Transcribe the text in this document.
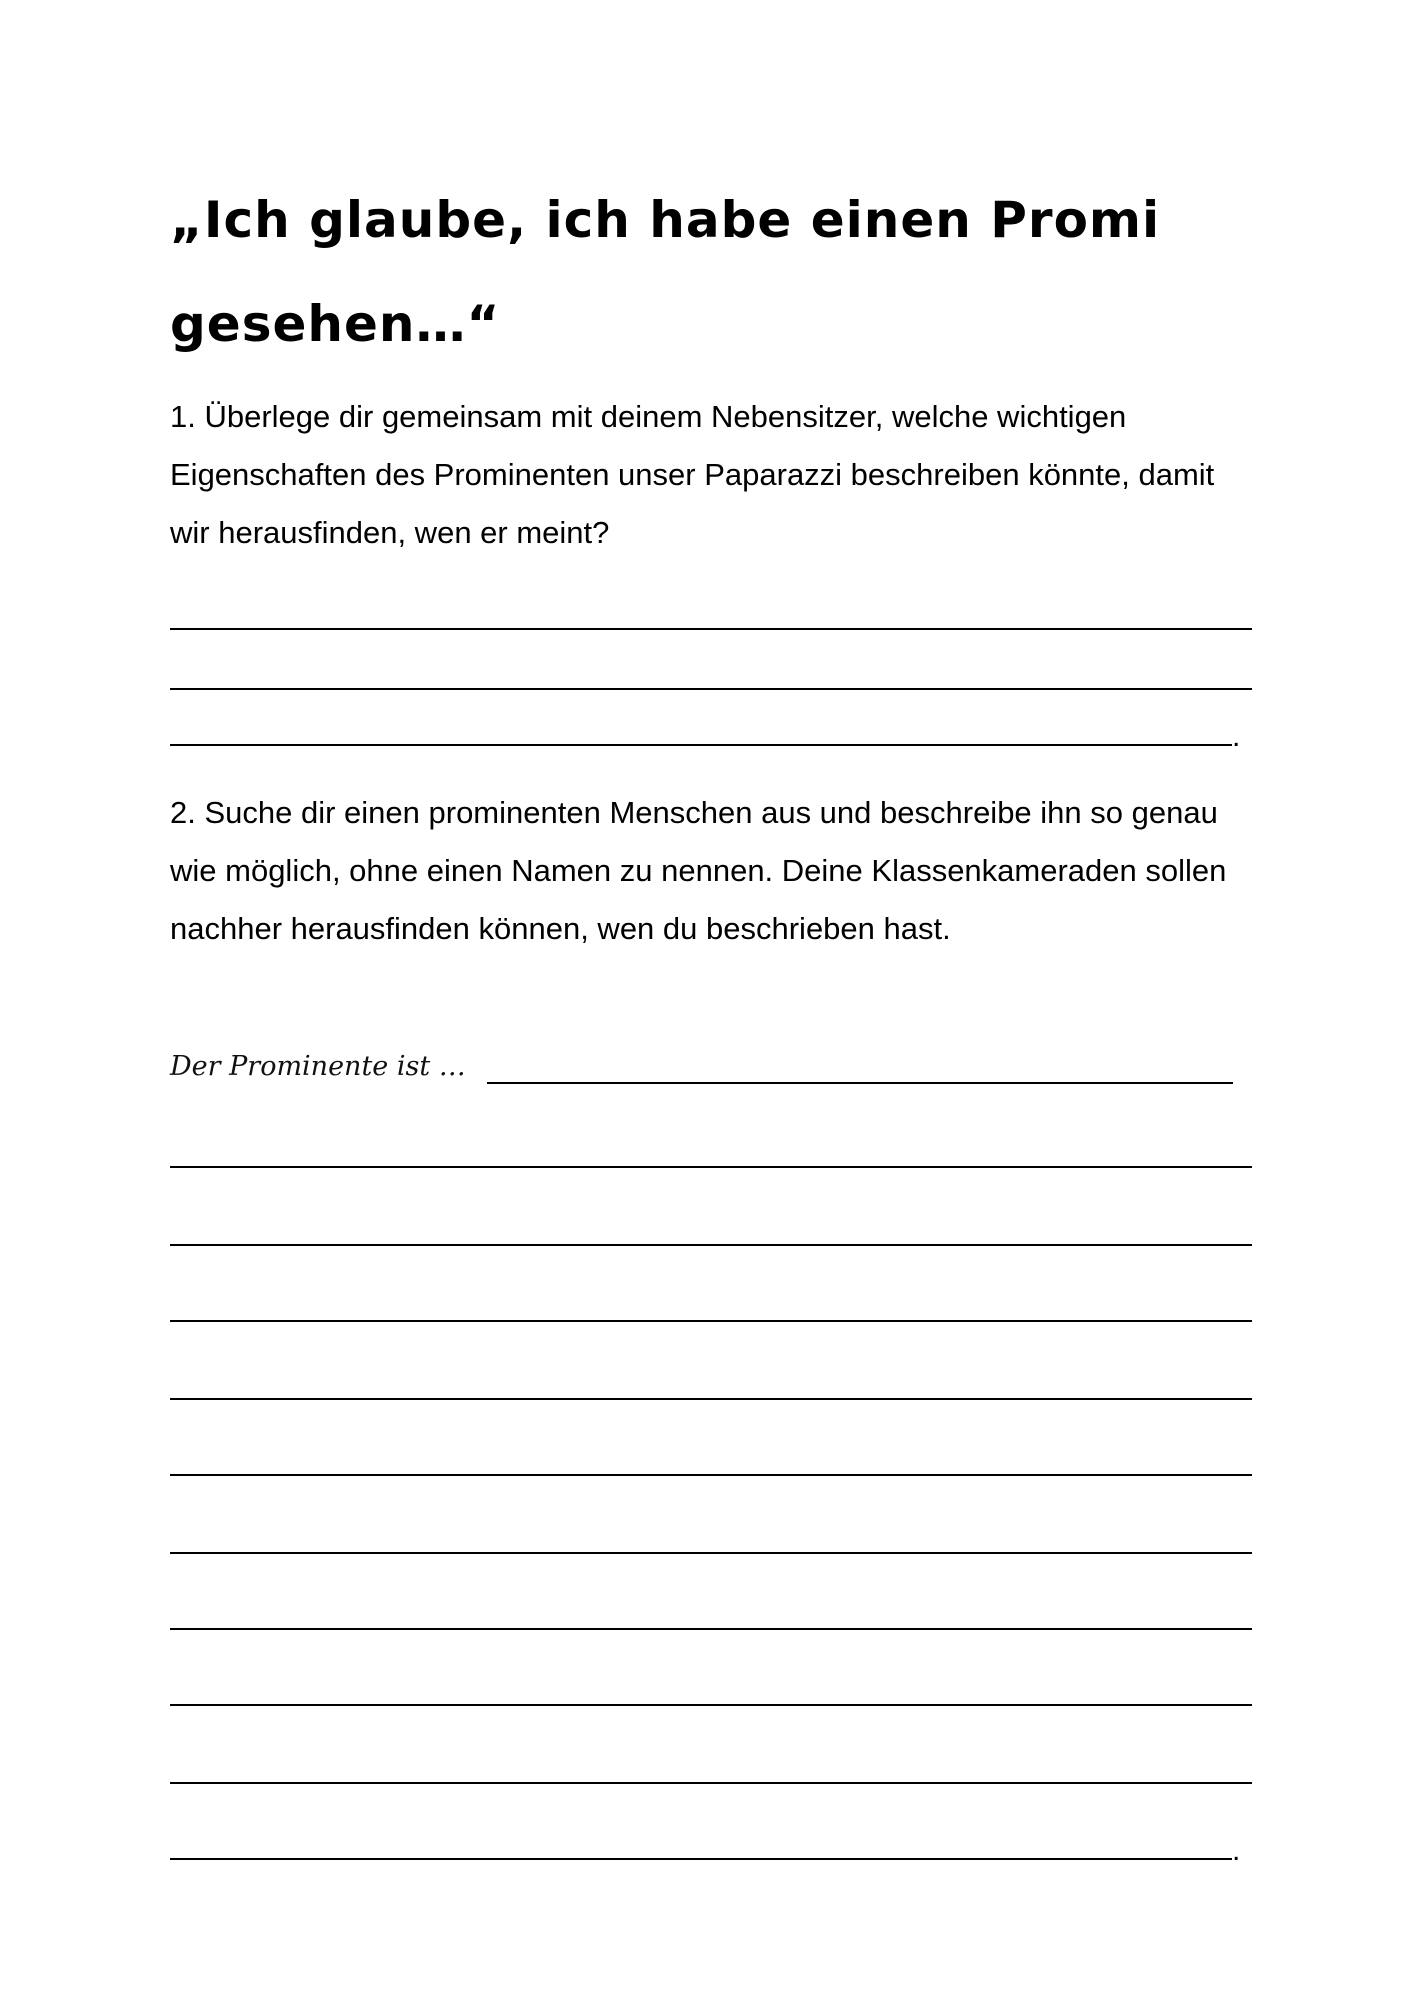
„Ich glaube, ich habe einen Promi gesehen…“

1. Überlege dir gemeinsam mit deinem Nebensitzer, welche wichtigen Eigenschaften des Prominenten unser Paparazzi beschreiben könnte, damit wir herausfinden, wen er meint?

.

2. Suche dir einen prominenten Menschen aus und beschreibe ihn so genau wie möglich, ohne einen Namen zu nennen. Deine Klassenkameraden sollen nachher herausfinden können, wen du beschrieben hast.

Der Prominente ist …
.
